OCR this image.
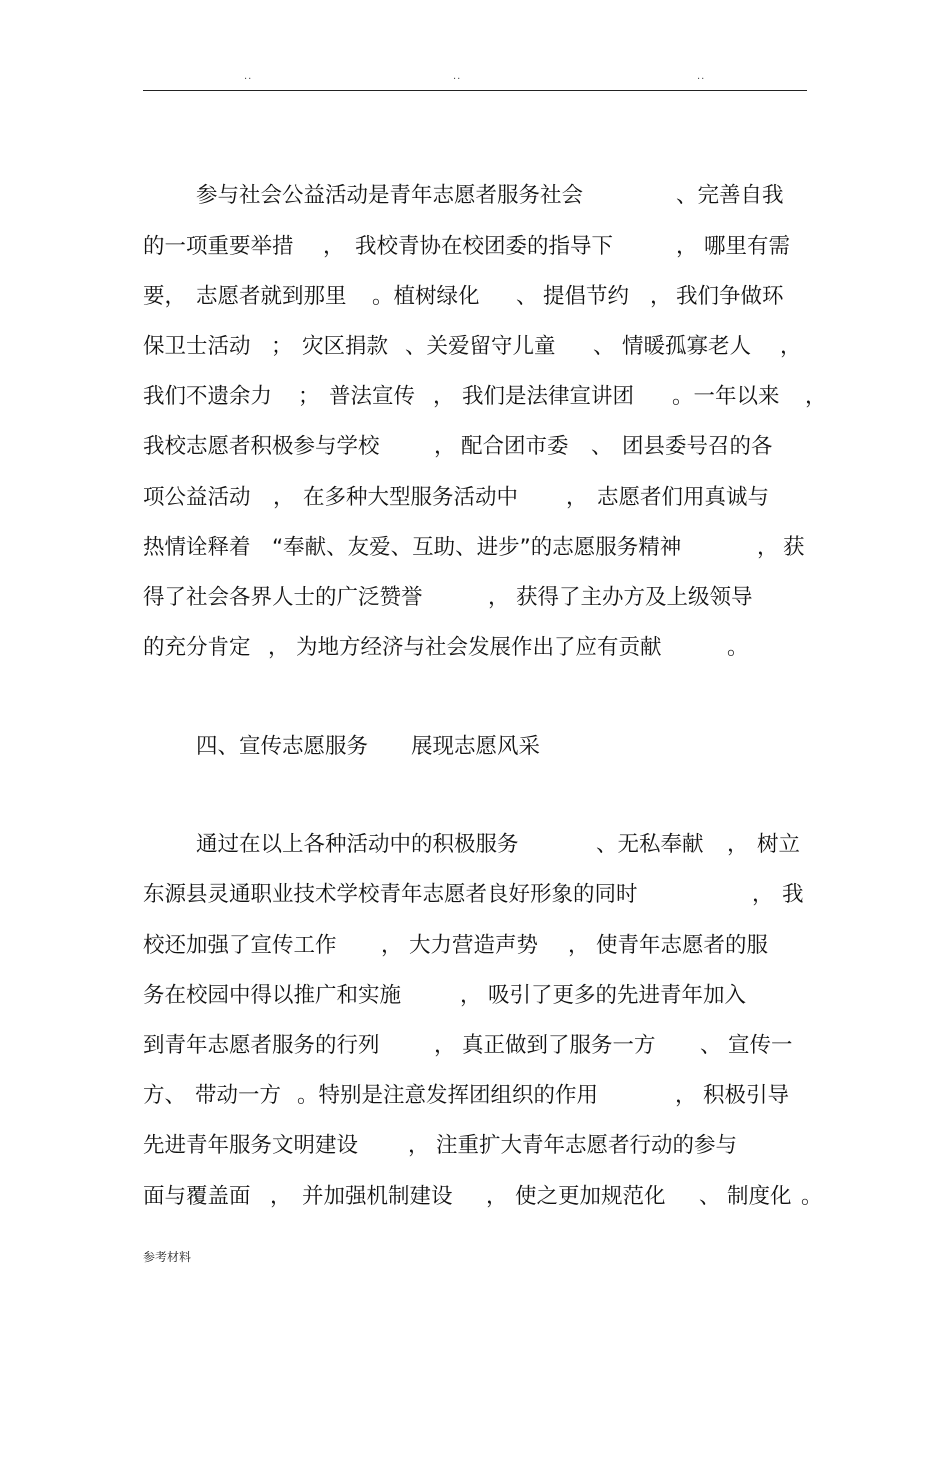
..	..	..

参与社会公益活动是青年志愿者服务社会

	、完善自我

的一项重要举措

，

我校青协在校团委的指导下

	，

哪里有需

要，

志愿者就到那里

。植树绿化

、

提倡节约

，

我们争做环

保卫士活动

；

灾区捐款

、关爱留守儿童

、

情暖孤寡老人

，

我们不遗余力

；

普法宣传

，

我们是法律宣讲团

。一年以来

，

我校志愿者积极参与学校

	，

配合团市委

、

团县委号召的各

项公益活动

，

在多种大型服务活动中

，

志愿者们用真诚与

热情诠释着

“奉献、友爱、互助、进步”的志愿服务精神

	，

获

得了社会各界人士的广泛赞誉

	，

获得了主办方及上级领导

的充分肯定

，

为地方经济与社会发展作出了应有贡献

	。

四、宣传志愿服务

展现志愿风采

通过在以上各种活动中的积极服务

	、无私奉献

，

树立

东源县灵通职业技术学校青年志愿者良好形象的同时

	，

我

校还加强了宣传工作

，

大力营造声势

，

使青年志愿者的服

务在校园中得以推广和实施

	，

吸引了更多的先进青年加入

到青年志愿者服务的行列

	，

真正做到了服务一方

、

宣传一

方、

带动一方

。特别是注意发挥团组织的作用

	，

积极引导

先进青年服务文明建设

，

注重扩大青年志愿者行动的参与

面与覆盖面

，

并加强机制建设

，

使之更加规范化

、

制度化

。

参考材料
